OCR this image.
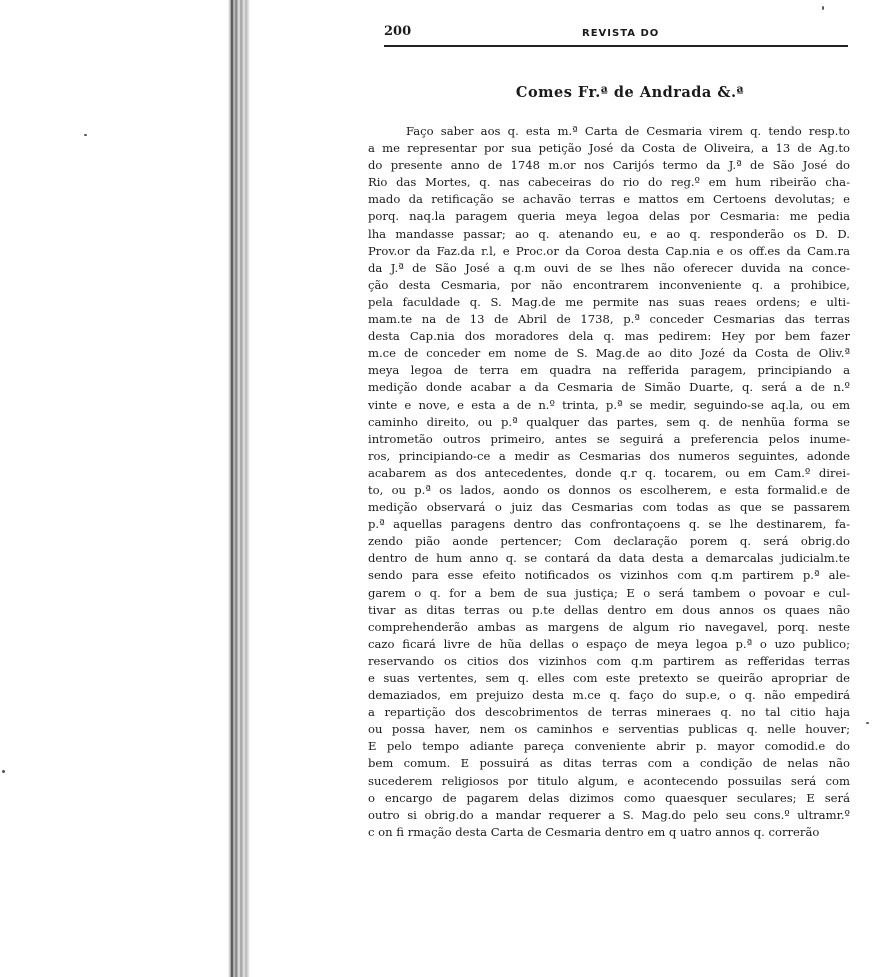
200	REVISTA DO
Comes Fr.ª de Andrada &.ª
Faço saber aos q. esta m.ª Carta de Cesmaria virem q. tendo resp.to
a me representar por sua petição José da Costa de Oliveira, a 13 de Ag.to
do presente anno de 1748 m.or nos Carijós termo da J.ª de São José do
Rio das Mortes, q. nas cabeceiras do rio do reg.º em hum ribeirão cha-
mado da retificação se achavão terras e mattos em Certoens devolutas; e
porq. naq.la paragem queria meya legoa delas por Cesmaria: me pedia
lha mandasse passar; ao q. atenando eu, e ao q. responderão os D. D.
Prov.or da Faz.da r.l, e Proc.or da Coroa desta Cap.nia e os off.es da Cam.ra
da J.ª de São José a q.m ouvi de se lhes não oferecer duvida na conce-
ção desta Cesmaria, por não encontrarem inconveniente q. a prohibice,
pela faculdade q. S. Mag.de me permite nas suas reaes ordens; e ulti-
mam.te na de 13 de Abril de 1738, p.ª conceder Cesmarias das terras
desta Cap.nia dos moradores dela q. mas pedirem: Hey por bem fazer
m.ce de conceder em nome de S. Mag.de ao dito Jozé da Costa de Oliv.ª
meya legoa de terra em quadra na refferida paragem, principiando a
medição donde acabar a da Cesmaria de Simão Duarte, q. será a de n.º
vinte e nove, e esta a de n.º trinta, p.ª se medir, seguindo-se aq.la, ou em
caminho direito, ou p.ª qualquer das partes, sem q. de nenhũa forma se
intrometão outros primeiro, antes se seguirá a preferencia pelos inume-
ros, principiando-ce a medir as Cesmarias dos numeros seguintes, adonde
acabarem as dos antecedentes, donde q.r q. tocarem, ou em Cam.º direi-
to, ou p.ª os lados, aondo os donnos os escolherem, e esta formalid.e de
medição observará o juiz das Cesmarias com todas as que se passarem
p.ª aquellas paragens dentro das confrontaçoens q. se lhe destinarem, fa-
zendo pião aonde pertencer; Com declaração porem q. será obrig.do
dentro de hum anno q. se contará da data desta a demarcalas judicialm.te
sendo para esse efeito notificados os vizinhos com q.m partirem p.ª ale-
garem o q. for a bem de sua justiça; E o será tambem o povoar e cul-
tivar as ditas terras ou p.te dellas dentro em dous annos os quaes não
comprehenderão ambas as margens de algum rio navegavel, porq. neste
cazo ficará livre de hũa dellas o espaço de meya legoa p.ª o uzo publico;
reservando os citios dos vizinhos com q.m partirem as refferidas terras
e suas vertentes, sem q. elles com este pretexto se queirão apropriar de
demaziados, em prejuizo desta m.ce q. faço do sup.e, o q. não empedirá
a repartição dos descobrimentos de terras mineraes q. no tal citio haja
ou possa haver, nem os caminhos e serventias publicas q. nelle houver;
E pelo tempo adiante pareça conveniente abrir p. mayor comodid.e do
bem comum. E possuirá as ditas terras com a condição de nelas não
sucederem religiosos por titulo algum, e acontecendo possuilas será com
o encargo de pagarem delas dizimos como quaesquer seculares; E será
outro si obrig.do a mandar requerer a S. Mag.do pelo seu cons.º ultramr.º
c on fi rmação desta Carta de Cesmaria dentro em q uatro annos q. correrão
